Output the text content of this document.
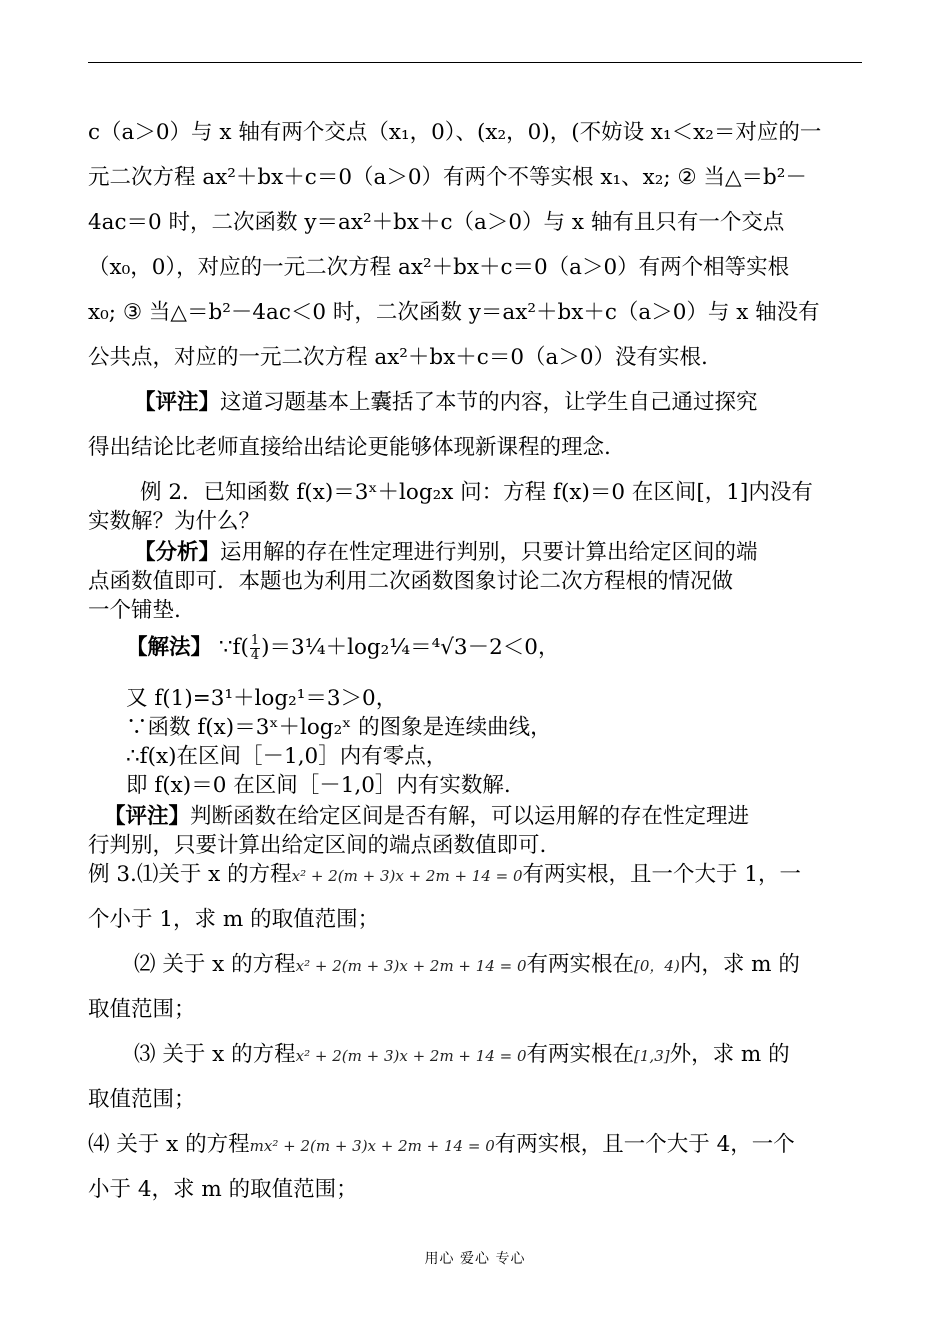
c（a＞0）与 x 轴有两个交点（x₁，0）、(x₂，0)，(不妨设 x₁＜x₂＝对应的一
元二次方程 ax²＋bx＋c＝0（a＞0）有两个不等实根 x₁、x₂; ② 当△＝b²－
4ac＝0 时，二次函数 y＝ax²＋bx＋c（a＞0）与 x 轴有且只有一个交点
（x₀，0），对应的一元二次方程 ax²＋bx＋c＝0（a＞0）有两个相等实根
x₀; ③ 当△＝b²－4ac＜0 时，二次函数 y＝ax²＋bx＋c（a＞0）与 x 轴没有
公共点，对应的一元二次方程 ax²＋bx＋c＝0（a＞0）没有实根.
【评注】这道习题基本上囊括了本节的内容，让学生自己通过探究
得出结论比老师直接给出结论更能够体现新课程的理念.
例 2．已知函数 f(x)＝3ˣ＋log₂x 问：方程 f(x)＝0 在区间[，1]内没有
实数解？为什么？
【分析】运用解的存在性定理进行判别，只要计算出给定区间的端
点函数值即可．本题也为利用二次函数图象讨论二次方程根的情况做
一个铺垫.
【解法】 ∵f( $\frac{1}{4}$ )＝3¼＋log₂¼＝⁴√3－2＜0，
又 f(1)=3¹＋log₂¹＝3＞0，
∵函数 f(x)＝3ˣ＋log₂ˣ 的图象是连续曲线，
∴f(x)在区间［－1,0］内有零点，
即 f(x)＝0 在区间［－1,0］内有实数解.
【评注】判断函数在给定区间是否有解，可以运用解的存在性定理进
行判别，只要计算出给定区间的端点函数值即可.
例 3.⑴关于 x 的方程x² + 2(m + 3)x + 2m + 14 = 0有两实根，且一个大于 1，一
个小于 1，求 m 的取值范围；
⑵ 关于 x 的方程x² + 2(m + 3)x + 2m + 14 = 0有两实根在[0，4)内，求 m 的
取值范围；
⑶ 关于 x 的方程x² + 2(m + 3)x + 2m + 14 = 0有两实根在[1,3]外，求 m 的
取值范围；
⑷ 关于 x 的方程mx² + 2(m + 3)x + 2m + 14 = 0有两实根，且一个大于 4，一个
小于 4，求 m 的取值范围；
用心 爱心 专心
